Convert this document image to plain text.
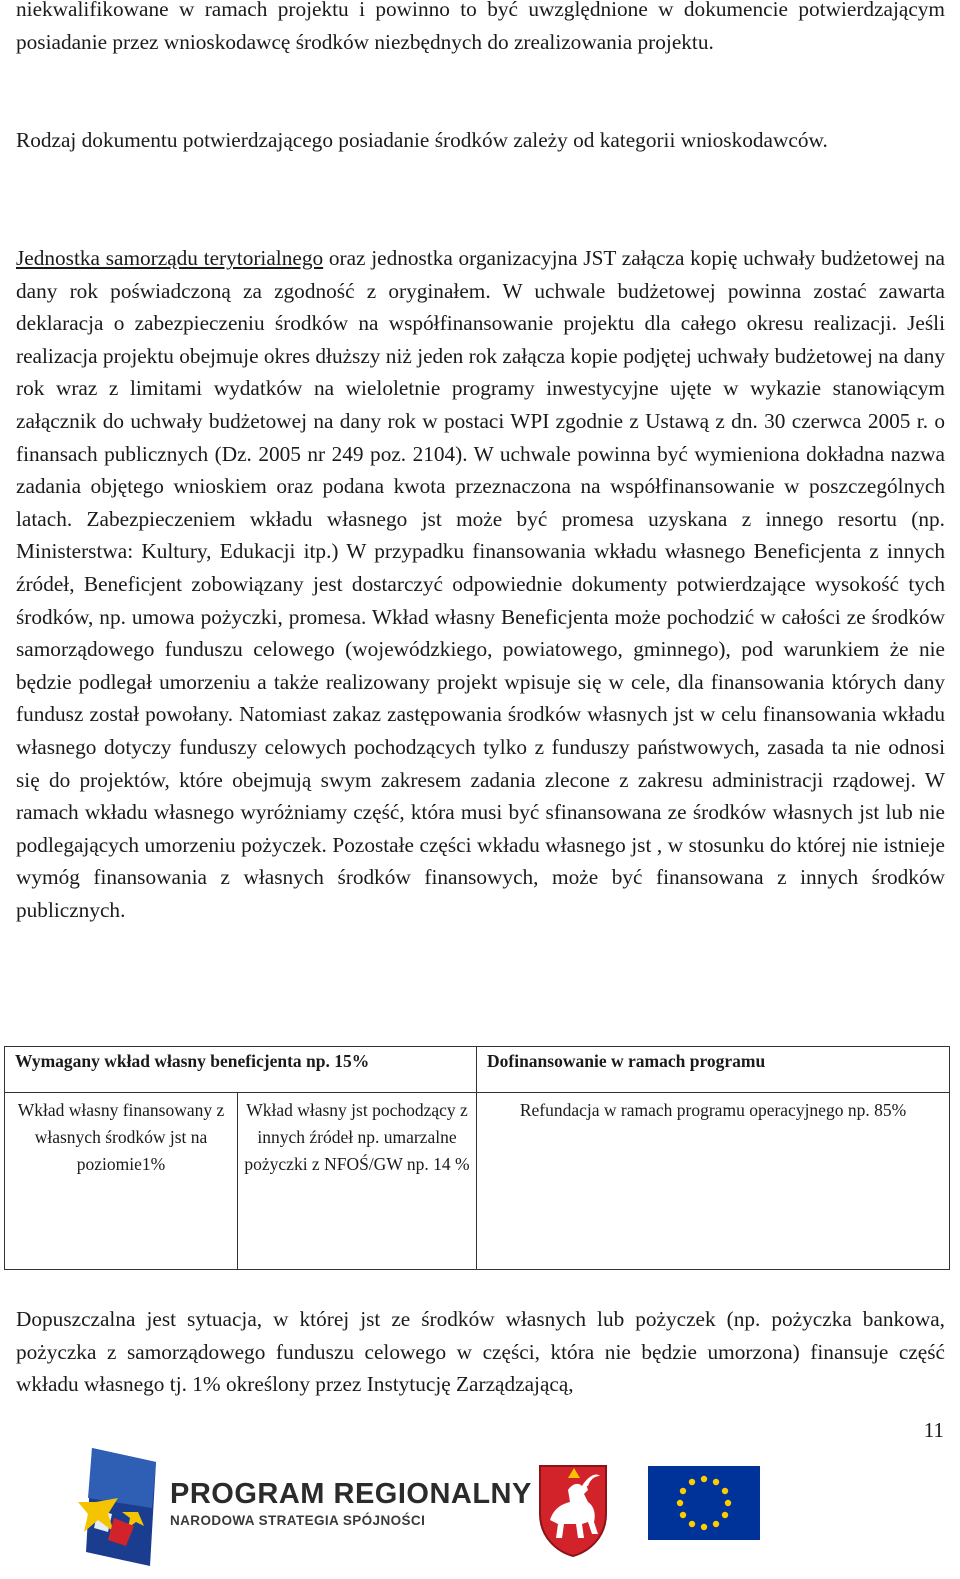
niekwalifikowane w ramach projektu i powinno to być uwzględnione w dokumencie potwierdzającym posiadanie przez wnioskodawcę środków niezbędnych do zrealizowania projektu.

Rodzaj dokumentu potwierdzającego posiadanie środków zależy od kategorii wnioskodawców.

Jednostka samorządu terytorialnego oraz jednostka organizacyjna JST załącza kopię uchwały budżetowej na dany rok poświadczoną za zgodność z oryginałem. W uchwale budżetowej powinna zostać zawarta deklaracja o zabezpieczeniu środków na współfinansowanie projektu dla całego okresu realizacji. Jeśli realizacja projektu obejmuje okres dłuższy niż jeden rok załącza kopie podjętej uchwały budżetowej na dany rok wraz z limitami wydatków na wieloletnie programy inwestycyjne ujęte w wykazie stanowiącym załącznik do uchwały budżetowej na dany rok w postaci WPI zgodnie z Ustawą z dn. 30 czerwca 2005 r. o finansach publicznych (Dz. 2005 nr 249 poz. 2104). W uchwale powinna być wymieniona dokładna nazwa zadania objętego wnioskiem oraz podana kwota przeznaczona na współfinansowanie w poszczególnych latach. Zabezpieczeniem wkładu własnego jst może być promesa uzyskana z innego resortu (np. Ministerstwa: Kultury, Edukacji itp.) W przypadku finansowania wkładu własnego Beneficjenta z innych źródeł, Beneficjent zobowiązany jest dostarczyć odpowiednie dokumenty potwierdzające wysokość tych środków, np. umowa pożyczki, promesa. Wkład własny Beneficjenta może pochodzić w całości ze środków samorządowego funduszu celowego (wojewódzkiego, powiatowego, gminnego), pod warunkiem że nie będzie podlegał umorzeniu a także realizowany projekt wpisuje się w cele, dla finansowania których dany fundusz został powołany. Natomiast zakaz zastępowania środków własnych jst w celu finansowania wkładu własnego dotyczy funduszy celowych pochodzących tylko z funduszy państwowych, zasada ta nie odnosi się do projektów, które obejmują swym zakresem zadania zlecone z zakresu administracji rządowej. W ramach wkładu własnego wyróżniamy część, która musi być sfinansowana ze środków własnych jst lub nie podlegających umorzeniu pożyczek. Pozostałe części wkładu własnego jst , w stosunku do której nie istnieje wymóg finansowania z własnych środków finansowych, może być finansowana z innych środków publicznych.

Dopuszczalna jest sytuacja, w której jst ze środków własnych lub pożyczek (np. pożyczka bankowa, pożyczka z samorządowego funduszu celowego w części, która nie będzie umorzona) finansuje część wkładu własnego tj. 1% określony przez Instytucję Zarządzającą,

Wymagany wkład własny beneficjenta np. 15%		Dofinansowanie w ramach programu
Wkład własny finansowany z własnych środków jst na poziomie1%	Wkład własny jst pochodzący z innych źródeł np. umarzalne pożyczki z NFOŚ/GW np. 14 %	Refundacja w ramach programu operacyjnego np. 85%
11
PROGRAM REGIONALNY
NARODOWA STRATEGIA SPÓJNOŚCI
